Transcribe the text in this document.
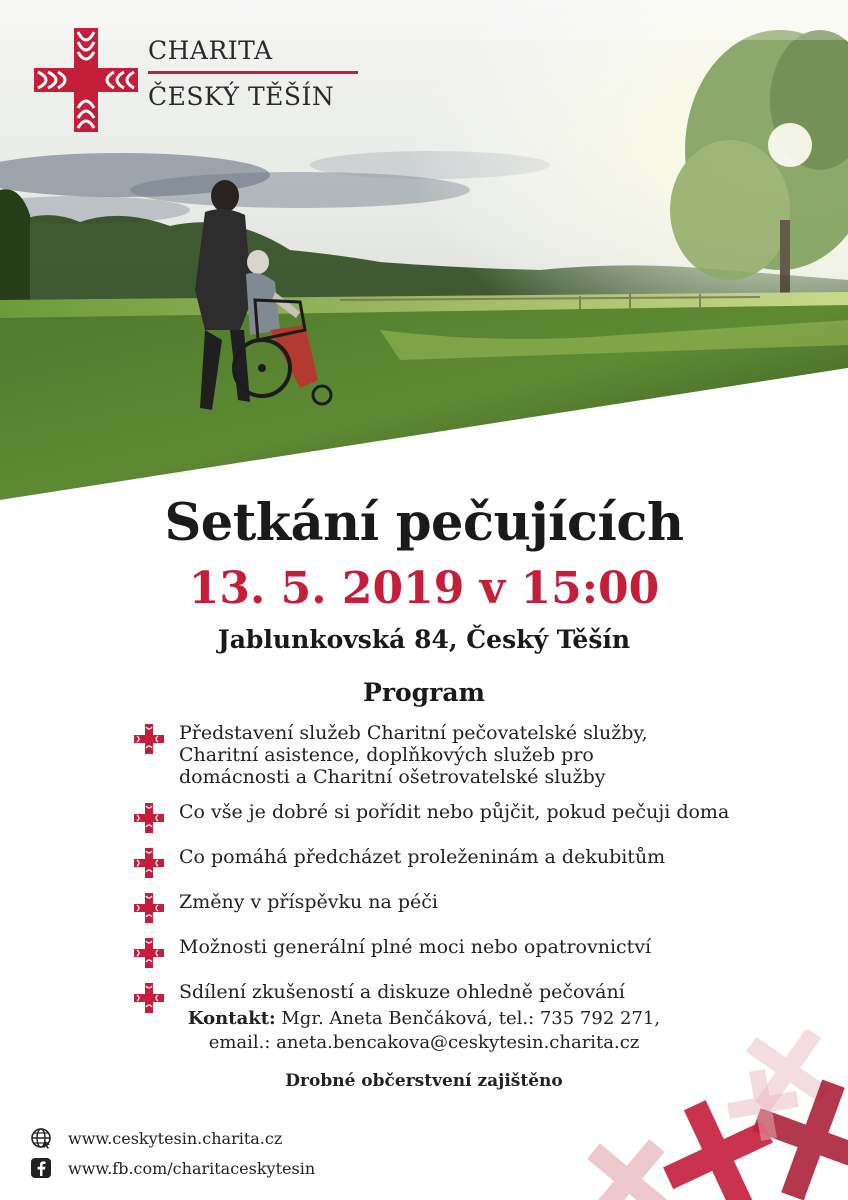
CHARITA
ČESKÝ TĚŠÍN
Setkání pečujících
13. 5. 2019 v 15:00
Jablunkovská 84, Český Těšín
Program
Představení služeb Charitní pečovatelské služby,
Charitní asistence, doplňkových služeb pro
domácnosti a Charitní ošetrovatelské služby
Co vše je dobré si pořídit nebo půjčit, pokud pečuji doma
Co pomáhá předcházet proleženinám a dekubitům
Změny v příspěvku na péči
Možnosti generální plné moci nebo opatrovnictví
Sdílení zkušeností a diskuze ohledně pečování
Kontakt: Mgr. Aneta Benčáková, tel.: 735 792 271,
email.: aneta.bencakova@ceskytesin.charita.cz
Drobné občerstvení zajištěno
www.ceskytesin.charita.cz
www.fb.com/charitaceskytesin
